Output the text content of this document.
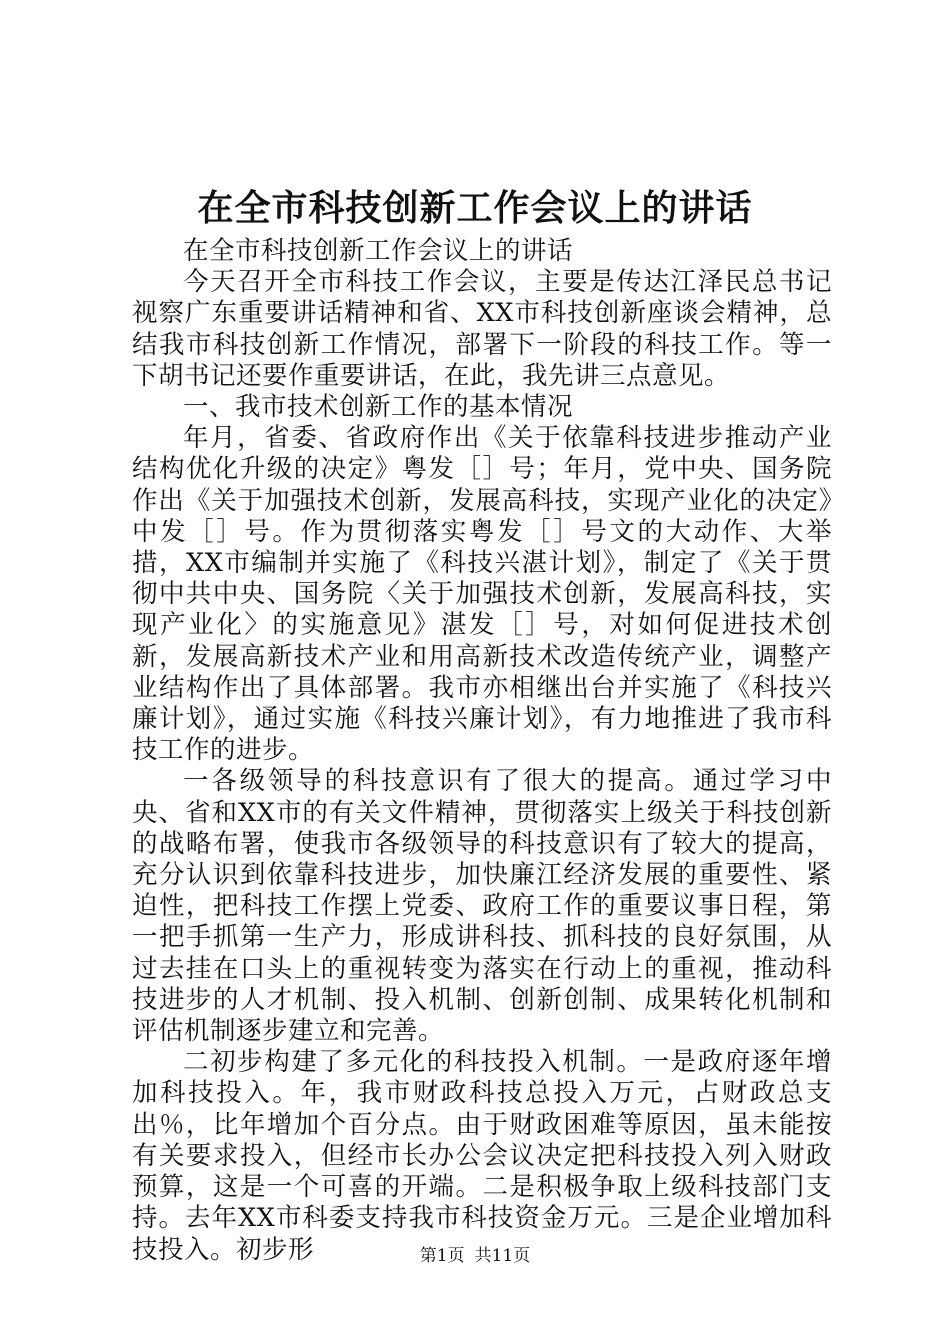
在全市科技创新工作会议上的讲话

在全市科技创新工作会议上的讲话

今天召开全市科技工作会议，主要是传达江泽民总书记视察广东重要讲话精神和省、XX市科技创新座谈会精神，总结我市科技创新工作情况，部署下一阶段的科技工作。等一下胡书记还要作重要讲话，在此，我先讲三点意见。

一、我市技术创新工作的基本情况

年月，省委、省政府作出《关于依靠科技进步推动产业结构优化升级的决定》粤发［］号；年月，党中央、国务院作出《关于加强技术创新，发展高科技，实现产业化的决定》中发［］号。作为贯彻落实粤发［］号文的大动作、大举措，XX市编制并实施了《科技兴湛计划》，制定了《关于贯彻中共中央、国务院〈关于加强技术创新，发展高科技，实现产业化〉的实施意见》湛发［］号，对如何促进技术创新，发展高新技术产业和用高新技术改造传统产业，调整产业结构作出了具体部署。我市亦相继出台并实施了《科技兴廉计划》，通过实施《科技兴廉计划》，有力地推进了我市科技工作的进步。

一各级领导的科技意识有了很大的提高。通过学习中央、省和XX市的有关文件精神，贯彻落实上级关于科技创新的战略布署，使我市各级领导的科技意识有了较大的提高，充分认识到依靠科技进步，加快廉江经济发展的重要性、紧迫性，把科技工作摆上党委、政府工作的重要议事日程，第一把手抓第一生产力，形成讲科技、抓科技的良好氛围，从过去挂在口头上的重视转变为落实在行动上的重视，推动科技进步的人才机制、投入机制、创新创制、成果转化机制和评估机制逐步建立和完善。

二初步构建了多元化的科技投入机制。一是政府逐年增加科技投入。年，我市财政科技总投入万元，占财政总支出％，比年增加个百分点。由于财政困难等原因，虽未能按有关要求投入，但经市长办公会议决定把科技投入列入财政预算，这是一个可喜的开端。二是积极争取上级科技部门支持。去年XX市科委支持我市科技资金万元。三是企业增加科技投入。初步形	第1页 共11页
